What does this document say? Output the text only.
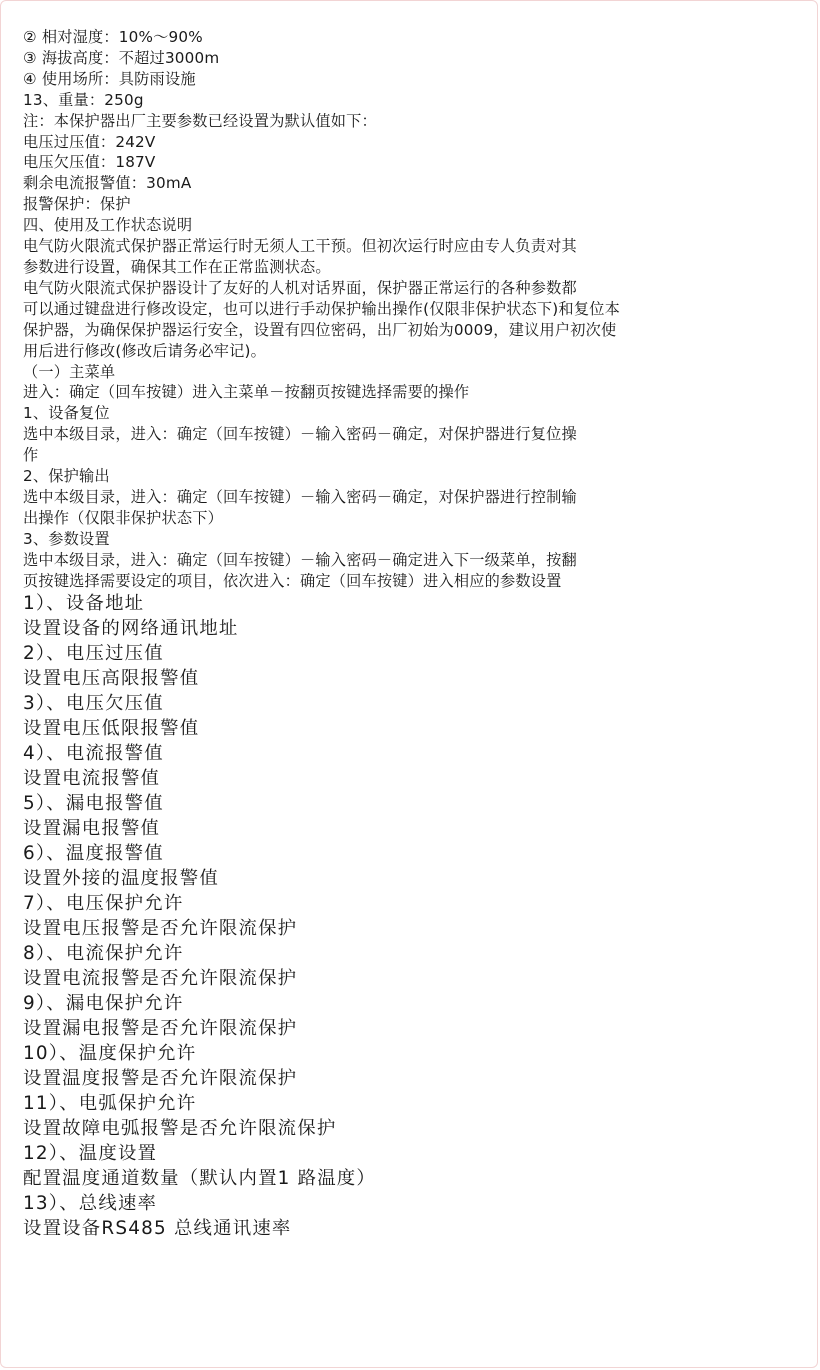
② 相对湿度：10%～90%

③ 海拔高度：不超过3000m

④ 使用场所：具防雨设施

13、重量：250g

注：本保护器出厂主要参数已经设置为默认值如下：

电压过压值：242V

电压欠压值：187V

剩余电流报警值：30mA

报警保护：保护

四、使用及工作状态说明

电气防火限流式保护器正常运行时无须人工干预。但初次运行时应由专人负责对其

参数进行设置，确保其工作在正常监测状态。

电气防火限流式保护器设计了友好的人机对话界面，保护器正常运行的各种参数都

可以通过键盘进行修改设定，也可以进行手动保护输出操作(仅限非保护状态下)和复位本

保护器，为确保保护器运行安全，设置有四位密码，出厂初始为0009，建议用户初次使

用后进行修改(修改后请务必牢记)。

（一）主菜单

进入：确定（回车按键）进入主菜单－按翻页按键选择需要的操作

1、设备复位

选中本级目录，进入：确定（回车按键）－输入密码－确定，对保护器进行复位操

作

2、保护输出

选中本级目录，进入：确定（回车按键）－输入密码－确定，对保护器进行控制输

出操作（仅限非保护状态下）

3、参数设置

选中本级目录，进入：确定（回车按键）－输入密码－确定进入下一级菜单，按翻

页按键选择需要设定的项目，依次进入：确定（回车按键）进入相应的参数设置

1）、设备地址

设置设备的网络通讯地址

2）、电压过压值

设置电压高限报警值

3）、电压欠压值

设置电压低限报警值

4）、电流报警值

设置电流报警值

5）、漏电报警值

设置漏电报警值

6）、温度报警值

设置外接的温度报警值

7）、电压保护允许

设置电压报警是否允许限流保护

8）、电流保护允许

设置电流报警是否允许限流保护

9）、漏电保护允许

设置漏电报警是否允许限流保护

10）、温度保护允许

设置温度报警是否允许限流保护

11）、电弧保护允许

设置故障电弧报警是否允许限流保护

12）、温度设置

配置温度通道数量（默认内置1 路温度）

13）、总线速率

设置设备RS485 总线通讯速率
